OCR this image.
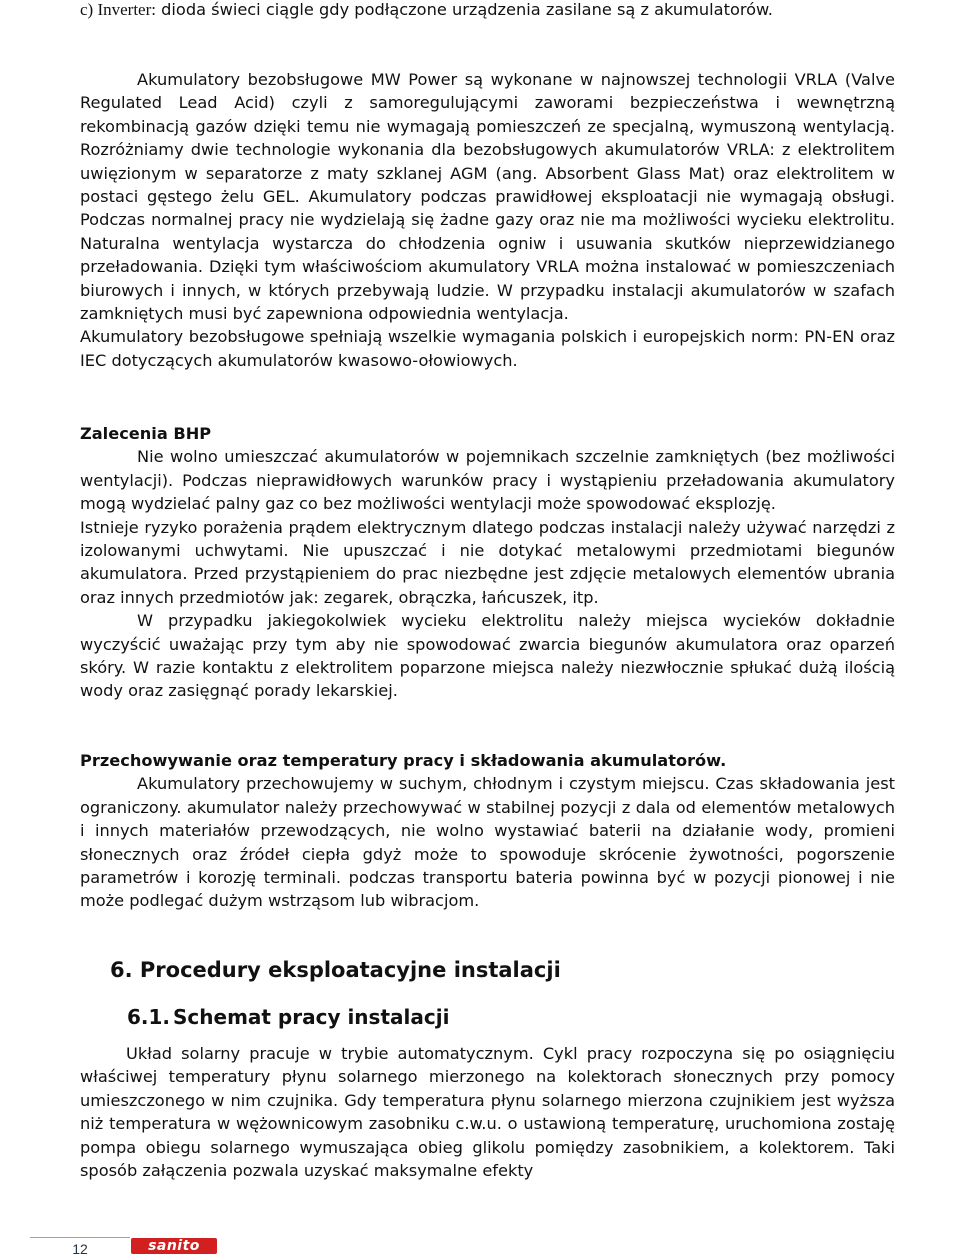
c) Inverter: dioda świeci ciągle gdy podłączone urządzenia zasilane są z akumulatorów.

Akumulatory bezobsługowe MW Power są wykonane w najnowszej technologii VRLA (Valve Regulated Lead Acid) czyli z samoregulującymi zaworami bezpieczeństwa i wewnętrzną rekombinacją gazów dzięki temu nie wymagają pomieszczeń ze specjalną, wymuszoną wentylacją. Rozróżniamy dwie technologie wykonania dla bezobsługowych akumulatorów VRLA: z elektrolitem uwięzionym w separatorze z maty szklanej AGM (ang. Absorbent Glass Mat) oraz elektrolitem w postaci gęstego żelu GEL. Akumulatory podczas prawidłowej eksploatacji nie wymagają obsługi. Podczas normalnej pracy nie wydzielają się żadne gazy oraz nie ma możliwości wycieku elektrolitu. Naturalna wentylacja wystarcza do chłodzenia ogniw i usuwania skutków nieprzewidzianego przeładowania. Dzięki tym właściwościom akumulatory VRLA można instalować w pomieszczeniach biurowych i innych, w których przebywają ludzie. W przypadku instalacji akumulatorów w szafach zamkniętych musi być zapewniona odpowiednia wentylacja.

Akumulatory bezobsługowe spełniają wszelkie wymagania polskich i europejskich norm: PN-EN oraz IEC dotyczących akumulatorów kwasowo-ołowiowych.

Zalecenia BHP

Nie wolno umieszczać akumulatorów w pojemnikach szczelnie zamkniętych (bez możliwości wentylacji). Podczas nieprawidłowych warunków pracy i wystąpieniu przeładowania akumulatory mogą wydzielać palny gaz co bez możliwości wentylacji może spowodować eksplozję.

Istnieje ryzyko porażenia prądem elektrycznym dlatego podczas instalacji należy używać narzędzi z izolowanymi uchwytami. Nie upuszczać i nie dotykać metalowymi przedmiotami biegunów akumulatora. Przed przystąpieniem do prac niezbędne jest zdjęcie metalowych elementów ubrania oraz innych przedmiotów jak: zegarek, obrączka, łańcuszek, itp.

W przypadku jakiegokolwiek wycieku elektrolitu należy miejsca wycieków dokładnie wyczyścić uważając przy tym aby nie spowodować zwarcia biegunów akumulatora oraz oparzeń skóry. W razie kontaktu z elektrolitem poparzone miejsca należy niezwłocznie spłukać dużą ilością wody oraz zasięgnąć porady lekarskiej.

Przechowywanie oraz temperatury pracy i składowania akumulatorów.

Akumulatory przechowujemy w suchym, chłodnym i czystym miejscu. Czas składowania jest ograniczony. akumulator należy przechowywać w stabilnej pozycji z dala od elementów metalowych i innych materiałów przewodzących, nie wolno wystawiać baterii na działanie wody, promieni słonecznych oraz źródeł ciepła gdyż może to spowoduje skrócenie żywotności, pogorszenie parametrów i korozję terminali. podczas transportu bateria powinna być w pozycji pionowej i nie może podlegać dużym wstrząsom lub wibracjom.

6. Procedury eksploatacyjne instalacji
6.1. Schemat pracy instalacji

Układ solarny pracuje w trybie automatycznym. Cykl pracy rozpoczyna się po osiągnięciu właściwej temperatury płynu solarnego mierzonego na kolektorach słonecznych przy pomocy umieszczonego w nim czujnika. Gdy temperatura płynu solarnego mierzona czujnikiem jest wyższa niż temperatura w wężownicowym zasobniku c.w.u. o ustawioną temperaturę, uruchomiona zostaję pompa obiegu solarnego wymuszająca obieg glikolu pomiędzy zasobnikiem, a kolektorem. Taki sposób załączenia pozwala uzyskać maksymalne efekty

12	sanito
